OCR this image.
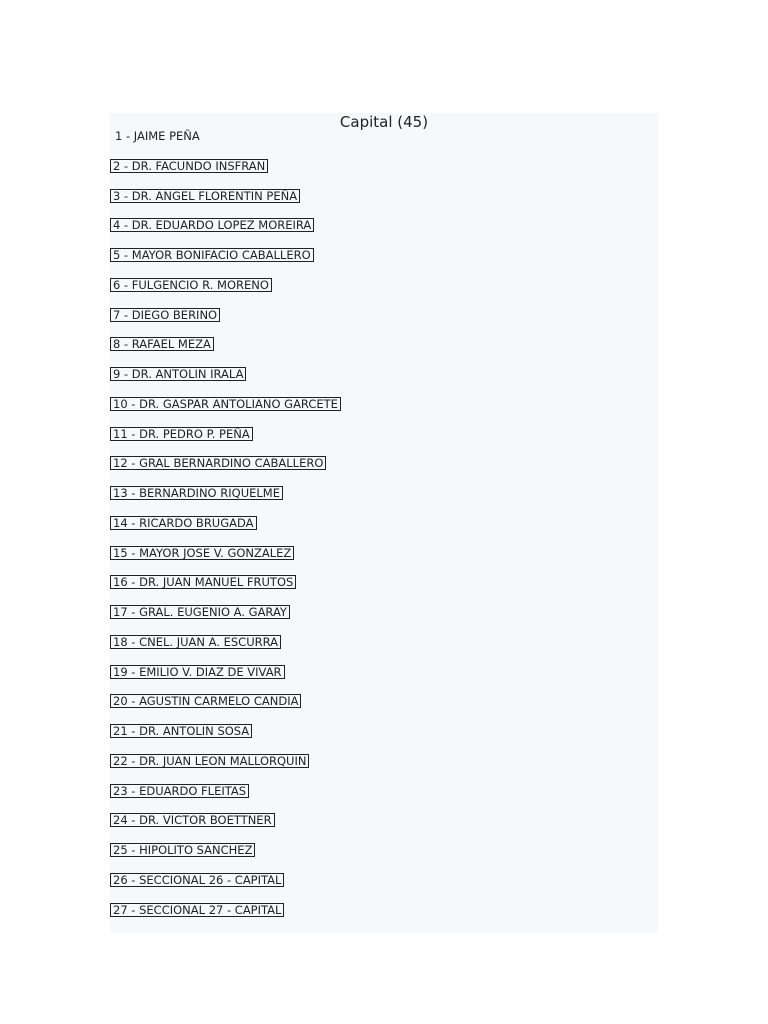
Capital (45)
1 - JAIME PEÑA
2 - DR. FACUNDO INSFRAN
3 - DR. ANGEL FLORENTIN PEÑA
4 - DR. EDUARDO LOPEZ MOREIRA
5 - MAYOR BONIFACIO CABALLERO
6 - FULGENCIO R. MORENO
7 - DIEGO BERINO
8 - RAFAEL MEZA
9 - DR. ANTOLIN IRALA
10 - DR. GASPAR ANTOLIANO GARCETE
11 - DR. PEDRO P. PEÑA
12 - GRAL BERNARDINO CABALLERO
13 - BERNARDINO RIQUELME
14 - RICARDO BRUGADA
15 - MAYOR JOSE V. GONZALEZ
16 - DR. JUAN MANUEL FRUTOS
17 - GRAL. EUGENIO A. GARAY
18 - CNEL. JUAN A. ESCURRA
19 - EMILIO V. DIAZ DE VIVAR
20 - AGUSTIN CARMELO CANDIA
21 - DR. ANTOLIN SOSA
22 - DR. JUAN LEON MALLORQUIN
23 - EDUARDO FLEITAS
24 - DR. VICTOR BOETTNER
25 - HIPOLITO SANCHEZ
26 - SECCIONAL 26 - CAPITAL
27 - SECCIONAL 27 - CAPITAL
